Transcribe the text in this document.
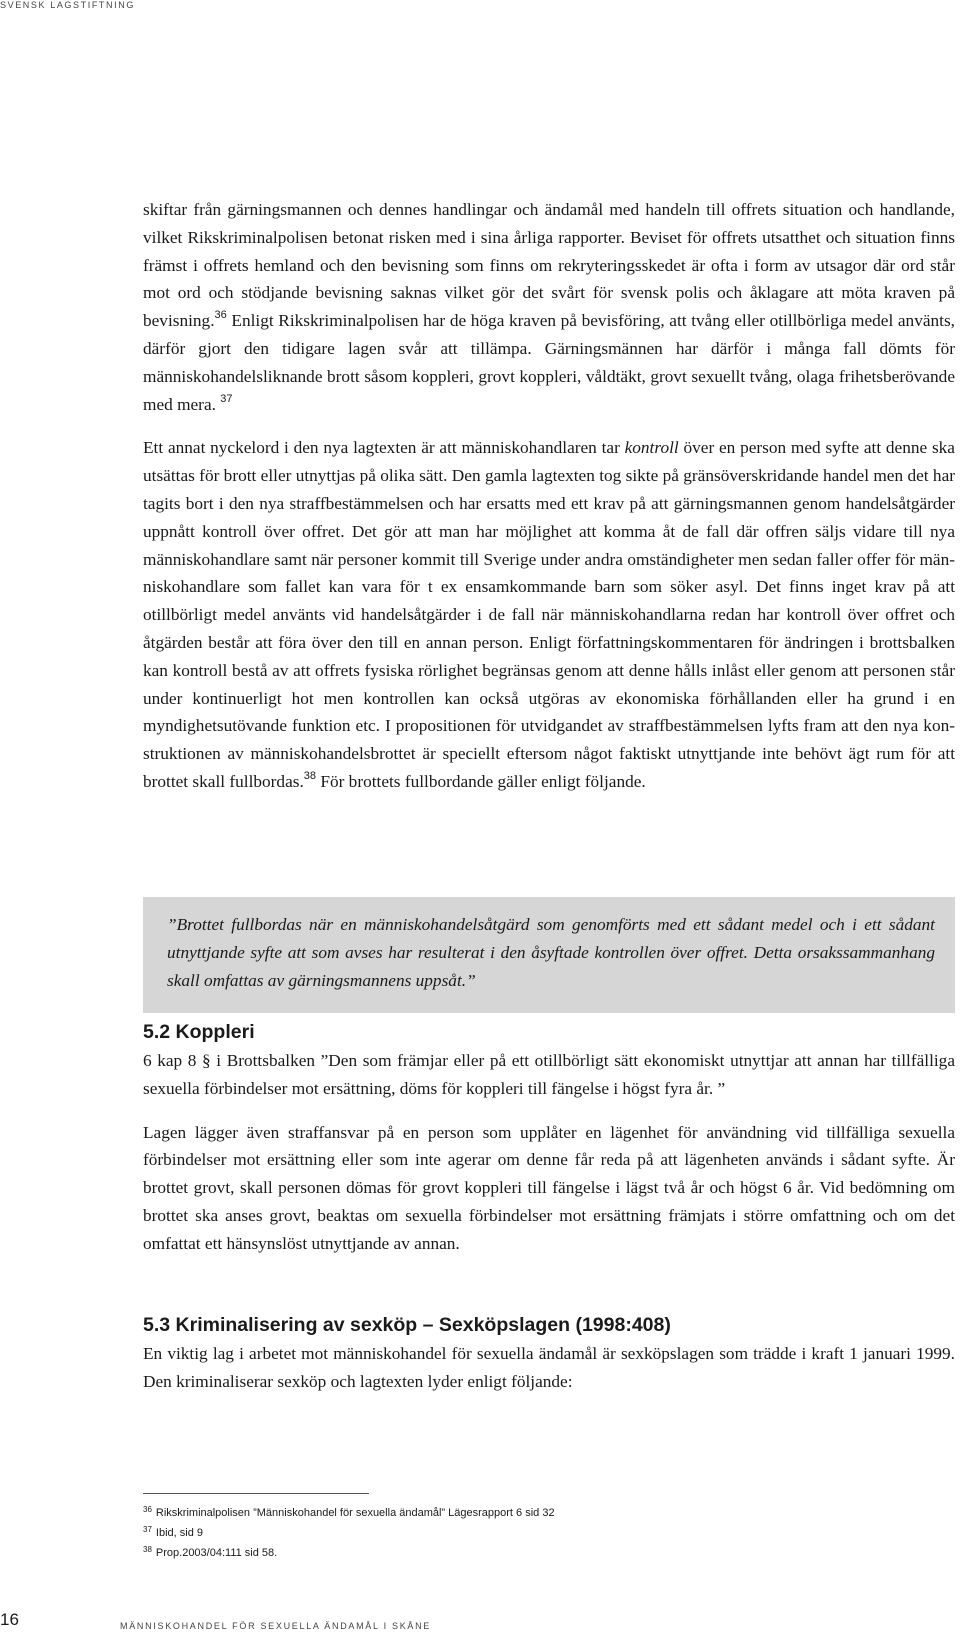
SVENSK LAGSTIFTNING

skiftar från gärningsmannen och dennes handlingar och ändamål med handeln till offrets situation och handlande, vilket Rikskriminalpolisen betonat risken med i sina årliga rapporter. Beviset för offrets utsatthet och situation finns främst i offrets hemland och den bevisning som finns om rekryteringsskedet är ofta i form av utsagor där ord står mot ord och stödjande bevisning saknas vilket gör det svårt för svensk polis och åklagare att möta kraven på bevisning.$^{36}$ Enligt Rikskriminalpolisen har de höga kraven på bevisföring, att tvång eller otillbörliga medel använts, därför gjort den tidigare lagen svår att tillämpa. Gärningsmännen har därför i många fall dömts för människohandelsliknande brott såsom koppleri, grovt koppleri, våldtäkt, grovt sexuellt tvång, olaga frihetsberövande med mera. $^{37}$

Ett annat nyckelord i den nya lagtexten är att människohandlaren tar kontroll över en person med syfte att denne ska utsättas för brott eller utnyttjas på olika sätt. Den gamla lagtexten tog sikte på gränsöverskridande handel men det har tagits bort i den nya straffbestämmelsen och har ersatts med ett krav på att gärningsmannen genom handelsåtgärder uppnått kontroll över offret. Det gör att man har möjlighet att komma åt de fall där offren säljs vidare till nya människohandlare samt när personer kommit till Sverige under andra omständigheter men sedan faller offer för människohandlare som fallet kan vara för t ex ensamkommande barn som söker asyl. Det finns inget krav på att otillbörligt medel använts vid handelsåtgärder i de fall när människohandlarna redan har kontroll över offret och åtgärden består att föra över den till en annan person. Enligt författningskommentaren för ändringen i brottsbalken kan kontroll bestå av att offrets fysiska rörlighet begränsas genom att denne hålls inlåst eller genom att personen står under kontinuerligt hot men kontrollen kan också utgöras av ekonomiska förhållanden eller ha grund i en myndighetsutövande funktion etc. I propositionen för utvidgandet av straffbestämmelsen lyfts fram att den nya konstruktionen av människohandelsbrottet är speciellt eftersom något faktiskt utnyttjande inte behövt ägt rum för att brottet skall fullbordas.$^{38}$ För brottets fullbordande gäller enligt följande.

”Brottet fullbordas när en människohandelsåtgärd som genomförts med ett sådant medel och i ett sådant utnyttjande syfte att som avses har resulterat i den åsyftade kontrollen över offret. Detta orsakssammanhang skall omfattas av gärningsmannens uppsåt.”

5.2 Koppleri

6 kap 8 § i Brottsbalken ”Den som främjar eller på ett otillbörligt sätt ekonomiskt utnyttjar att annan har tillfälliga sexuella förbindelser mot ersättning, döms för koppleri till fängelse i högst fyra år. ”

Lagen lägger även straffansvar på en person som upplåter en lägenhet för användning vid tillfälliga sexuella förbindelser mot ersättning eller som inte agerar om denne får reda på att lägenheten används i sådant syfte. Är brottet grovt, skall personen dömas för grovt koppleri till fängelse i lägst två år och högst 6 år. Vid bedömning om brottet ska anses grovt, beaktas om sexuella förbindelser mot ersättning främjats i större omfattning och om det omfattat ett hänsynslöst utnyttjande av annan.

5.3 Kriminalisering av sexköp – Sexköpslagen (1998:408)

En viktig lag i arbetet mot människohandel för sexuella ändamål är sexköpslagen som trädde i kraft 1 januari 1999. Den kriminaliserar sexköp och lagtexten lyder enligt följande:

$^{36}$ Rikskriminalpolisen ”Människohandel för sexuella ändamål” Lägesrapport 6 sid 32
$^{37}$ Ibid, sid 9
$^{38}$ Prop.2003/04:111 sid 58.
16	MÄNNISKOHANDEL FÖR SEXUELLA ÄNDAMÅL I SKÅNE
